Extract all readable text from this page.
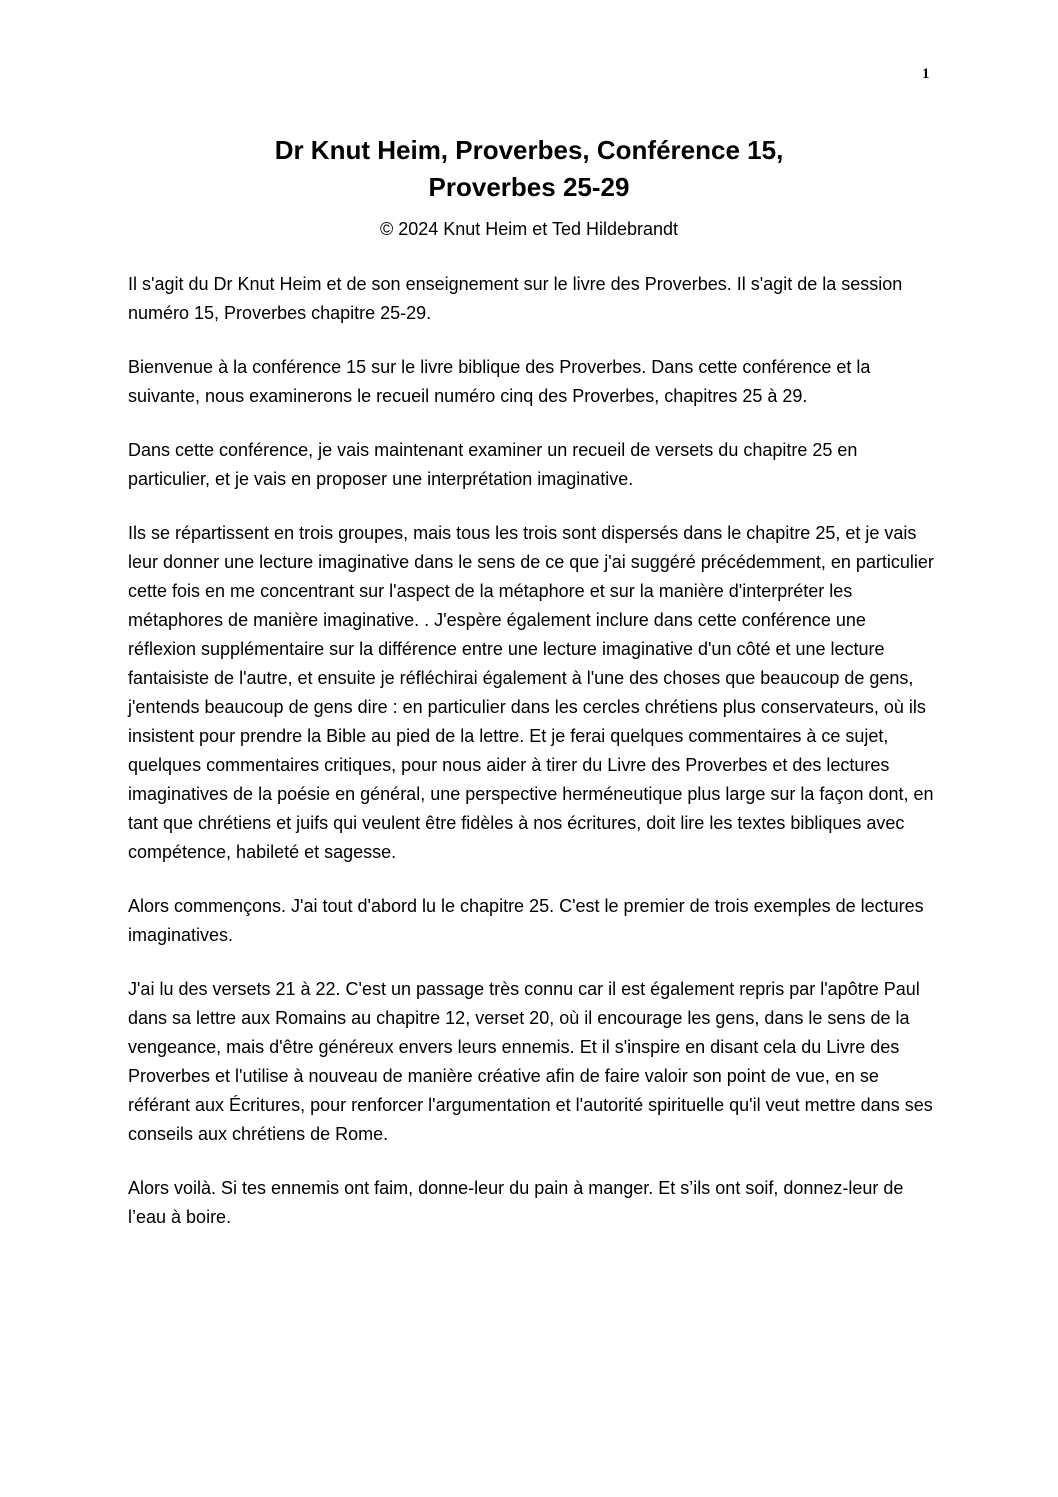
1
Dr Knut Heim, Proverbes, Conférence 15,
Proverbes 25-29
© 2024 Knut Heim et Ted Hildebrandt

Il s'agit du Dr Knut Heim et de son enseignement sur le livre des Proverbes. Il s'agit de la session numéro 15, Proverbes chapitre 25-29.

Bienvenue à la conférence 15 sur le livre biblique des Proverbes. Dans cette conférence et la suivante, nous examinerons le recueil numéro cinq des Proverbes, chapitres 25 à 29.

Dans cette conférence, je vais maintenant examiner un recueil de versets du chapitre 25 en particulier, et je vais en proposer une interprétation imaginative.

Ils se répartissent en trois groupes, mais tous les trois sont dispersés dans le chapitre 25, et je vais leur donner une lecture imaginative dans le sens de ce que j'ai suggéré précédemment, en particulier cette fois en me concentrant sur l'aspect de la métaphore et sur la manière d'interpréter les métaphores de manière imaginative. . J'espère également inclure dans cette conférence une réflexion supplémentaire sur la différence entre une lecture imaginative d'un côté et une lecture fantaisiste de l'autre, et ensuite je réfléchirai également à l'une des choses que beaucoup de gens, j'entends beaucoup de gens dire : en particulier dans les cercles chrétiens plus conservateurs, où ils insistent pour prendre la Bible au pied de la lettre. Et je ferai quelques commentaires à ce sujet, quelques commentaires critiques, pour nous aider à tirer du Livre des Proverbes et des lectures imaginatives de la poésie en général, une perspective herméneutique plus large sur la façon dont, en tant que chrétiens et juifs qui veulent être fidèles à nos écritures, doit lire les textes bibliques avec compétence, habileté et sagesse.

Alors commençons. J'ai tout d'abord lu le chapitre 25. C'est le premier de trois exemples de lectures imaginatives.

J'ai lu des versets 21 à 22. C'est un passage très connu car il est également repris par l'apôtre Paul dans sa lettre aux Romains au chapitre 12, verset 20, où il encourage les gens, dans le sens de la vengeance, mais d'être généreux envers leurs ennemis. Et il s'inspire en disant cela du Livre des Proverbes et l'utilise à nouveau de manière créative afin de faire valoir son point de vue, en se référant aux Écritures, pour renforcer l'argumentation et l'autorité spirituelle qu'il veut mettre dans ses conseils aux chrétiens de Rome.

Alors voilà. Si tes ennemis ont faim, donne-leur du pain à manger. Et s’ils ont soif, donnez-leur de l’eau à boire.
